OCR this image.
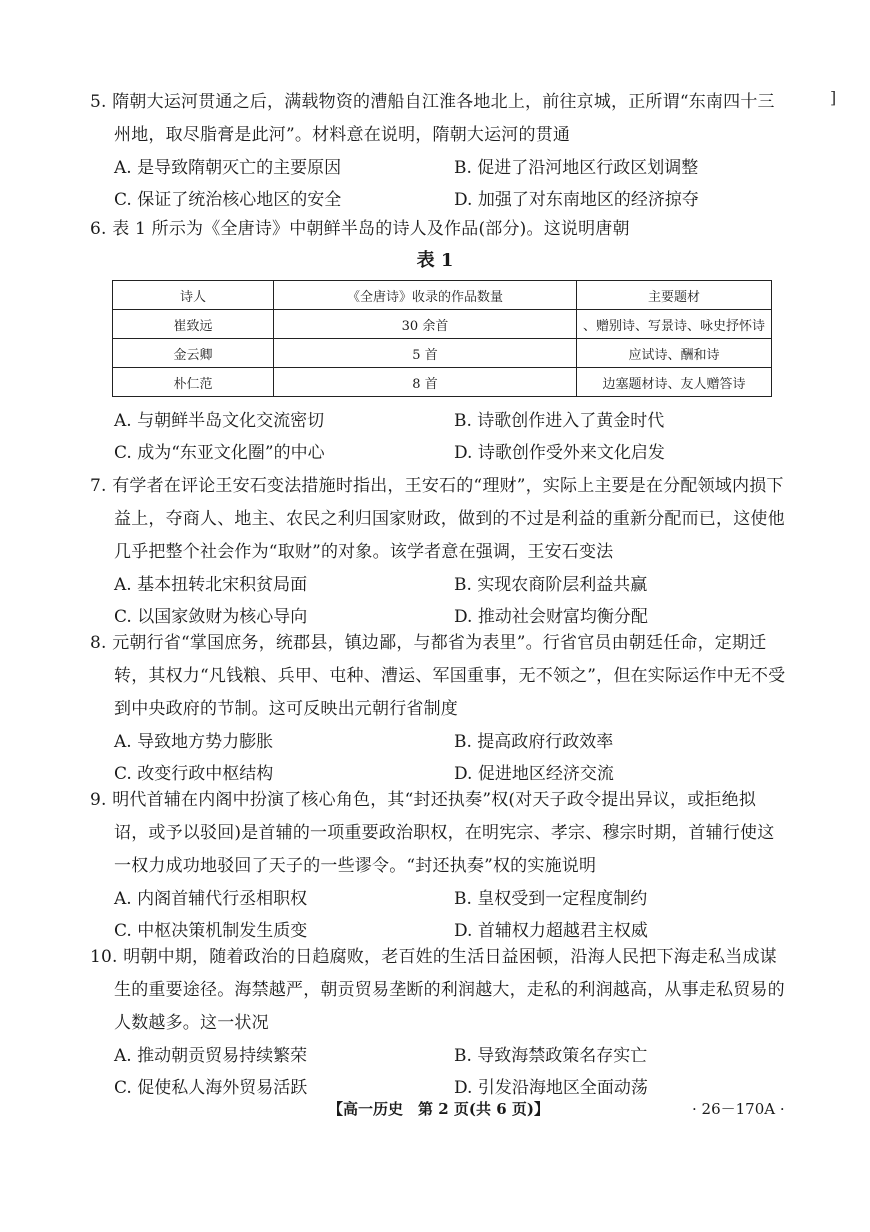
]
5. 隋朝大运河贯通之后，满载物资的漕船自江淮各地北上，前往京城，正所谓“东南四十三州地，取尽脂膏是此河”。材料意在说明，隋朝大运河的贯通
A. 是导致隋朝灭亡的主要原因	B. 促进了沿河地区行政区划调整
C. 保证了统治核心地区的安全	D. 加强了对东南地区的经济掠夺
6. 表 1 所示为《全唐诗》中朝鲜半岛的诗人及作品(部分)。这说明唐朝
表 1
诗人	《全唐诗》收录的作品数量	主要题材
崔致远	30 余首	、赠别诗、写景诗、咏史抒怀诗
金云卿	5 首	应试诗、酬和诗
朴仁范	8 首	边塞题材诗、友人赠答诗
A. 与朝鲜半岛文化交流密切	B. 诗歌创作进入了黄金时代
C. 成为“东亚文化圈”的中心	D. 诗歌创作受外来文化启发
7. 有学者在评论王安石变法措施时指出，王安石的“理财”，实际上主要是在分配领域内损下益上，夺商人、地主、农民之利归国家财政，做到的不过是利益的重新分配而已，这使他几乎把整个社会作为“取财”的对象。该学者意在强调，王安石变法
A. 基本扭转北宋积贫局面	B. 实现农商阶层利益共赢
C. 以国家敛财为核心导向	D. 推动社会财富均衡分配
8. 元朝行省“掌国庶务，统郡县，镇边鄙，与都省为表里”。行省官员由朝廷任命，定期迁转，其权力“凡钱粮、兵甲、屯种、漕运、军国重事，无不领之”，但在实际运作中无不受到中央政府的节制。这可反映出元朝行省制度
A. 导致地方势力膨胀	B. 提高政府行政效率
C. 改变行政中枢结构	D. 促进地区经济交流
9. 明代首辅在内阁中扮演了核心角色，其“封还执奏”权(对天子政令提出异议，或拒绝拟诏，或予以驳回)是首辅的一项重要政治职权，在明宪宗、孝宗、穆宗时期，首辅行使这一权力成功地驳回了天子的一些谬令。“封还执奏”权的实施说明
A. 内阁首辅代行丞相职权	B. 皇权受到一定程度制约
C. 中枢决策机制发生质变	D. 首辅权力超越君主权威
10. 明朝中期，随着政治的日趋腐败，老百姓的生活日益困顿，沿海人民把下海走私当成谋生的重要途径。海禁越严，朝贡贸易垄断的利润越大，走私的利润越高，从事走私贸易的人数越多。这一状况
A. 推动朝贡贸易持续繁荣	B. 导致海禁政策名存实亡
C. 促使私人海外贸易活跃	D. 引发沿海地区全面动荡
【高一历史　第 2 页(共 6 页)】	· 26－170A ·
